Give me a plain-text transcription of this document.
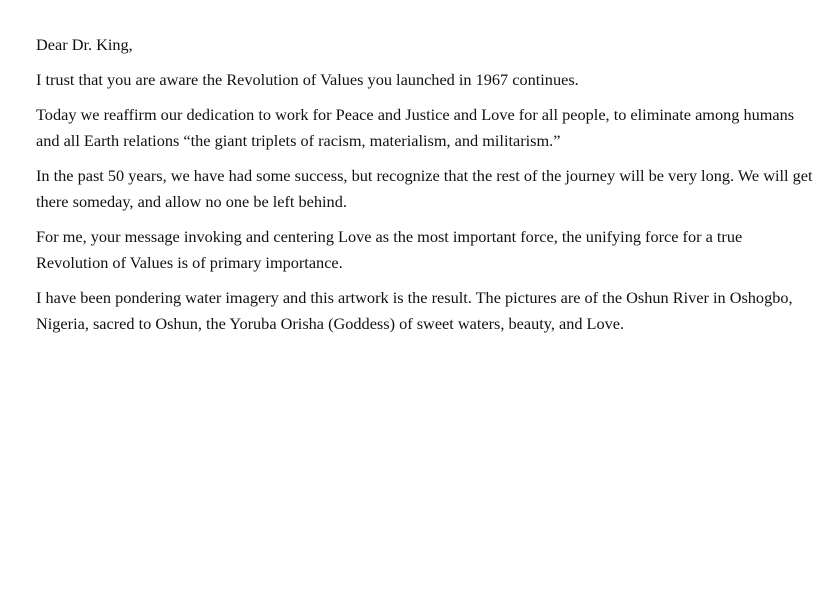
Dear Dr. King,

I trust that you are aware the Revolution of Values you launched in 1967 continues.

Today we reaffirm our dedication to work for Peace and Justice and Love for all people, to eliminate among humans and all Earth relations “the giant triplets of racism, materialism, and militarism.”

In the past 50 years, we have had some success, but recognize that the rest of the journey will be very long. We will get there someday, and allow no one be left behind.

For me, your message invoking and centering Love as the most important force, the unifying force for a true Revolution of Values is of primary importance.

I have been pondering water imagery and this artwork is the result. The pictures are of the Oshun River in Oshogbo, Nigeria, sacred to Oshun, the Yoruba Orisha (Goddess) of sweet waters, beauty, and Love.
